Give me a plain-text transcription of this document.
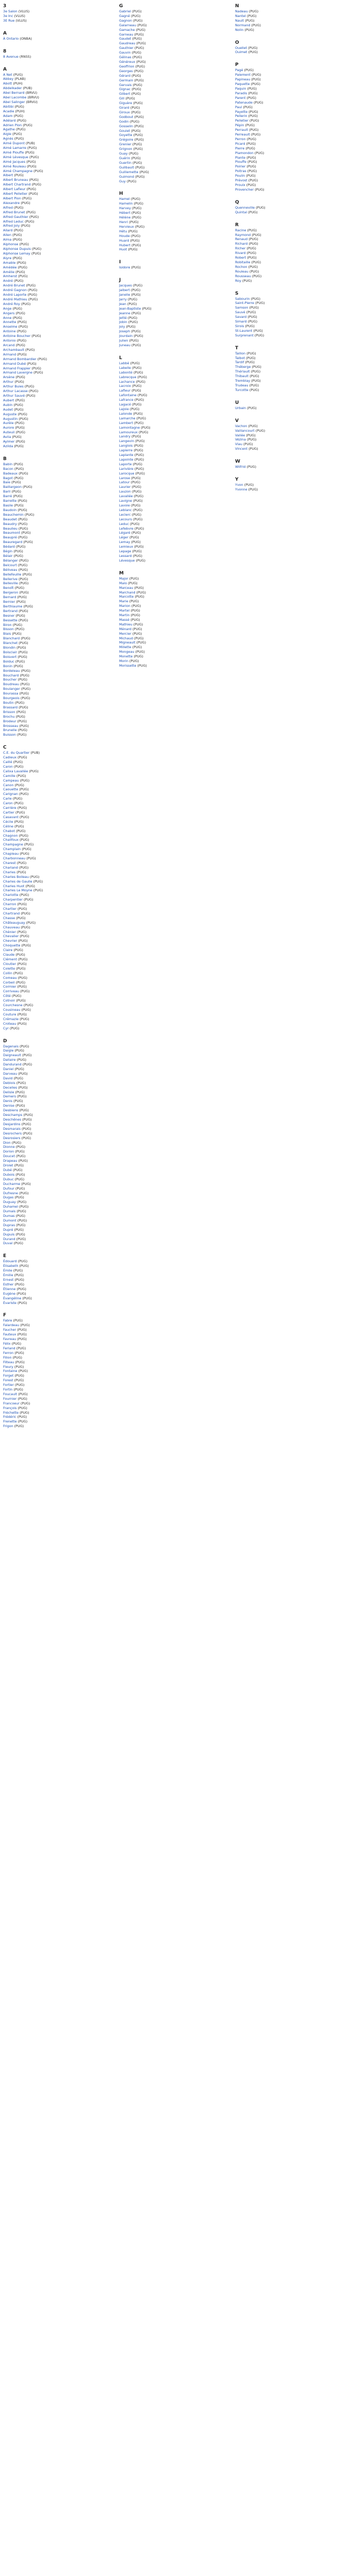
3
3e Salon (VLUS)
3e Inc (VLUS)
3E Rue (VLUS)
A
À Ontario (ONBA)
8
8 Avenue (RNSS)
A
A Net (PUG)
Abbey (PLAB)
Abott (PUH)
Abdelkader (PUB)
Abel Bernard (BRVU)
Abel Lacombe (BRVU)
Abel Salinger (BRVU)
Abitibi (PUG)
Acadie (PUH)
Adam (PUG)
Adélard (PUG)
Adrien Pion (PUG)
Agathe (PUG)
Aigle (PUG)
Agnès (PUG)
Aimé Dupont (PUB)
Aimé Lamarre (PUG)
Aimé Plouffe (PUG)
Aimé Lévesque (PUG)
Aimé Jacques (PUG)
Aimé Rouleau (PUG)
Aimé Champagne (PUG)
Albert (PUG)
Albert Bruneau (PUG)
Albert Chartrand (PUG)
Albert Lafleur (PUG)
Albert Pelletier (PUG)
Albert Pion (PUG)
Alexandre (PUG)
Alfred (PUG)
Alfred Brunet (PUG)
Alfred Gauthier (PUG)
Alfred Leduc (PUG)
Alfred Joly (PUG)
Allard (PUG)
Allen (PUG)
Alma (PUG)
Alphonse (PUG)
Alphonse Dupuis (PUG)
Alphonse Lemay (PUG)
Alyre (PUG)
Amable (PUG)
Amédée (PUG)
Amélie (PUG)
Amherst (PUG)
André (PUG)
André Brunet (PUG)
André Gagnon (PUG)
André Laporte (PUG)
André Mathieu (PUG)
André Roy (PUG)
Ange (PUG)
Angers (PUG)
Anne (PUG)
Annette (PUG)
Anselme (PUG)
Antoine (PUG)
Antoine Boucher (PUG)
Antonio (PUG)
Arcand (PUG)
Archambault (PUG)
Armand (PUG)
Armand Bombardier (PUG)
Armand Dubé (PUG)
Armand Frappier (PUG)
Armand Lavergne (PUG)
Arsène (PUG)
Arthur (PUG)
Arthur Buies (PUG)
Arthur Lacasse (PUG)
Arthur Sauvé (PUG)
Aubert (PUG)
Aubin (PUG)
Audet (PUG)
Auguste (PUG)
Augustin (PUG)
Aurèle (PUG)
Aurore (PUG)
Auteuil (PUG)
Avila (PUG)
Aylmer (PUG)
Azilda (PUG)
B
Babin (PUG)
Bacon (PUG)
Badeaux (PUG)
Bagot (PUG)
Baie (PUG)
Baillargeon (PUG)
Baril (PUG)
Barré (PUG)
Barrette (PUG)
Basile (PUG)
Baudoin (PUG)
Beauchemin (PUG)
Beaudet (PUG)
Beaudry (PUG)
Beaulieu (PUG)
Beaumont (PUG)
Beaupré (PUG)
Beauregard (PUG)
Bédard (PUG)
Bégin (PUG)
Bélair (PUG)
Bélanger (PUG)
Belcourt (PUG)
Béliveau (PUG)
Bellefeuille (PUG)
Bellerive (PUG)
Belleville (PUG)
Benoît (PUG)
Bergeron (PUG)
Bernard (PUG)
Bernier (PUG)
Berthiaume (PUG)
Bertrand (PUG)
Besner (PUG)
Bessette (PUG)
Biron (PUG)
Bisson (PUG)
Blais (PUG)
Blanchard (PUG)
Blanchet (PUG)
Blondin (PUG)
Boisclair (PUG)
Boisvert (PUG)
Bolduc (PUG)
Bonin (PUG)
Bordeleau (PUG)
Bouchard (PUG)
Boucher (PUG)
Boudreau (PUG)
Boulanger (PUG)
Bourassa (PUG)
Bourgeois (PUG)
Boutin (PUG)
Brassard (PUG)
Brisson (PUG)
Brochu (PUG)
Brodeur (PUG)
Brosseau (PUG)
Brunelle (PUG)
Buisson (PUG)
C
C.E. du Quartier (PUB)
Cadieux (PUG)
Caillé (PUG)
Caron (PUG)
Calixa Lavallée (PUG)
Camille (PUG)
Campeau (PUG)
Canon (PUG)
Caouette (PUG)
Carignan (PUG)
Carle (PUG)
Caron (PUG)
Carrière (PUG)
Cartier (PUG)
Casavant (PUG)
Cécile (PUG)
Céline (PUG)
Chabot (PUG)
Chagnon (PUG)
Chalifoux (PUG)
Champagne (PUG)
Champlain (PUG)
Chapleau (PUG)
Charbonneau (PUG)
Charest (PUG)
Charland (PUG)
Charles (PUG)
Charles Boileau (PUG)
Charles de Gaulle (PUG)
Charles Huot (PUG)
Charles Le Moyne (PUG)
Charlotte (PUG)
Charpentier (PUG)
Charron (PUG)
Chartier (PUG)
Chartrand (PUG)
Chasse (PUG)
Châteauguay (PUG)
Chauveau (PUG)
Chénier (PUG)
Chevalier (PUG)
Chevrier (PUG)
Choquette (PUG)
Claire (PUG)
Claude (PUG)
Clément (PUG)
Cloutier (PUG)
Colette (PUG)
Collin (PUG)
Comeau (PUG)
Corbeil (PUG)
Cormier (PUG)
Corriveau (PUG)
Côté (PUG)
Cotnoir (PUG)
Courchesne (PUG)
Cousineau (PUG)
Couture (PUG)
Crémazie (PUG)
Croteau (PUG)
Cyr (PUG)
D
Dagenais (PUG)
Daigle (PUG)
Daigneault (PUG)
Dallaire (PUG)
Dandurand (PUG)
Daniel (PUG)
Darveau (PUG)
David (PUG)
Deblois (PUG)
Decelles (PUG)
Delisle (PUG)
Demers (PUG)
Denis (PUG)
Denise (PUG)
Desbiens (PUG)
Deschamps (PUG)
Deschênes (PUG)
Desjardins (PUG)
Desmarais (PUG)
Desrochers (PUG)
Desrosiers (PUG)
Dion (PUG)
Dionne (PUG)
Dorion (PUG)
Doucet (PUG)
Drapeau (PUG)
Drolet (PUG)
Dubé (PUG)
Dubois (PUG)
Dubuc (PUG)
Ducharme (PUG)
Dufour (PUG)
Dufresne (PUG)
Dugas (PUG)
Duguay (PUG)
Duhamel (PUG)
Dumais (PUG)
Dumas (PUG)
Dumont (PUG)
Dupras (PUG)
Dupré (PUG)
Dupuis (PUG)
Durand (PUG)
Duval (PUG)
E
Édouard (PUG)
Élisabeth (PUG)
Émile (PUG)
Émilie (PUG)
Ernest (PUG)
Esther (PUG)
Étienne (PUG)
Eugène (PUG)
Évangéline (PUG)
Évariste (PUG)
F
Fabre (PUG)
Falardeau (PUG)
Faucher (PUG)
Fauteux (PUG)
Favreau (PUG)
Félix (PUG)
Ferland (PUG)
Ferron (PUG)
Filion (PUG)
Filteau (PUG)
Fleury (PUG)
Fontaine (PUG)
Forget (PUG)
Forest (PUG)
Fortier (PUG)
Fortin (PUG)
Foucault (PUG)
Fournier (PUG)
Francoeur (PUG)
François (PUG)
Fréchette (PUG)
Frédéric (PUG)
Frenette (PUG)
Frigon (PUG)
G
Gabriel (PUG)
Gagné (PUG)
Gagnon (PUG)
Galarneau (PUG)
Gamache (PUG)
Garneau (PUG)
Gaudet (PUG)
Gaudreau (PUG)
Gauthier (PUG)
Gauvin (PUG)
Gélinas (PUG)
Généreux (PUG)
Geoffrion (PUG)
Georges (PUG)
Gérard (PUG)
Germain (PUG)
Gervais (PUG)
Gignac (PUG)
Gilbert (PUG)
Gill (PUG)
Giguère (PUG)
Girard (PUG)
Giroux (PUG)
Godbout (PUG)
Godin (PUG)
Gosselin (PUG)
Goulet (PUG)
Goyette (PUG)
Grégoire (PUG)
Grenier (PUG)
Grignon (PUG)
Guay (PUG)
Guérin (PUG)
Guertin (PUG)
Guilbault (PUG)
Guillemette (PUG)
Guimond (PUG)
Guy (PUG)
H
Hamel (PUG)
Hamelin (PUG)
Harvey (PUG)
Hébert (PUG)
Hélène (PUG)
Henri (PUG)
Hervieux (PUG)
Hétu (PUG)
Houde (PUG)
Huard (PUG)
Hubert (PUG)
Huot (PUG)
I
Isidore (PUG)
J
Jacques (PUG)
Jalbert (PUG)
Janelle (PUG)
Jarry (PUG)
Jean (PUG)
Jean-Baptiste (PUG)
Jeanne (PUG)
Jetté (PUG)
Jobin (PUG)
Joly (PUG)
Joseph (PUG)
Jourdain (PUG)
Julien (PUG)
Juneau (PUG)
L
Labbé (PUG)
Labelle (PUG)
Labonté (PUG)
Labrecque (PUG)
Lachance (PUG)
Lacroix (PUG)
Lafleur (PUG)
Lafontaine (PUG)
Lafrance (PUG)
Lagacé (PUG)
Lajoie (PUG)
Lalonde (PUG)
Lamarche (PUG)
Lambert (PUG)
Lamontagne (PUG)
Lamoureux (PUG)
Landry (PUG)
Langevin (PUG)
Langlois (PUG)
Lapierre (PUG)
Laplante (PUG)
Lapointe (PUG)
Laporte (PUG)
Larivière (PUG)
Larocque (PUG)
Larose (PUG)
Latour (PUG)
Laurier (PUG)
Lauzon (PUG)
Lavallée (PUG)
Lavigne (PUG)
Lavoie (PUG)
Leblanc (PUG)
Leclerc (PUG)
Lecours (PUG)
Leduc (PUG)
Lefebvre (PUG)
Légaré (PUG)
Léger (PUG)
Lemay (PUG)
Lemieux (PUG)
Lepage (PUG)
Lessard (PUG)
Lévesque (PUG)
M
Major (PUG)
Malo (PUG)
Marceau (PUG)
Marchand (PUG)
Marcotte (PUG)
Marie (PUG)
Marion (PUG)
Martel (PUG)
Martin (PUG)
Massé (PUG)
Mathieu (PUG)
Ménard (PUG)
Mercier (PUG)
Michaud (PUG)
Migneault (PUG)
Millette (PUG)
Mongeau (PUG)
Monette (PUG)
Morin (PUG)
Morissette (PUG)
N
Nadeau (PUG)
Nantel (PUG)
Nault (PUG)
Normand (PUG)
Nolin (PUG)
O
Ouellet (PUG)
Ouimet (PUG)
P
Pagé (PUG)
Paiement (PUG)
Papineau (PUG)
Paquette (PUG)
Paquin (PUG)
Paradis (PUG)
Parent (PUG)
Patenaude (PUG)
Paul (PUG)
Payette (PUG)
Pellerin (PUG)
Pelletier (PUG)
Pépin (PUG)
Perrault (PUG)
Perreault (PUG)
Perron (PUG)
Picard (PUG)
Pierre (PUG)
Plamondon (PUG)
Plante (PUG)
Plouffe (PUG)
Poirier (PUG)
Poitras (PUG)
Poulin (PUG)
Prévost (PUG)
Proulx (PUG)
Provencher (PUG)
Q
Quenneville (PUG)
Quintal (PUG)
R
Racine (PUG)
Raymond (PUG)
Renaud (PUG)
Richard (PUG)
Richer (PUG)
Rivard (PUG)
Robert (PUG)
Robitaille (PUG)
Rochon (PUG)
Rouleau (PUG)
Rousseau (PUG)
Roy (PUG)
S
Sabourin (PUG)
Saint-Pierre (PUG)
Samson (PUG)
Sauvé (PUG)
Savard (PUG)
Simard (PUG)
Sirois (PUG)
St-Laurent (PUG)
Surprenant (PUG)
T
Taillon (PUG)
Talbot (PUG)
Tardif (PUG)
Théberge (PUG)
Thériault (PUG)
Thibault (PUG)
Tremblay (PUG)
Trudeau (PUG)
Turcotte (PUG)
U
Urbain (PUG)
V
Vachon (PUG)
Vaillancourt (PUG)
Vallée (PUG)
Vézina (PUG)
Viau (PUG)
Vincent (PUG)
W
Wilfrid (PUG)
Y
Yvon (PUG)
Yvonne (PUG)
